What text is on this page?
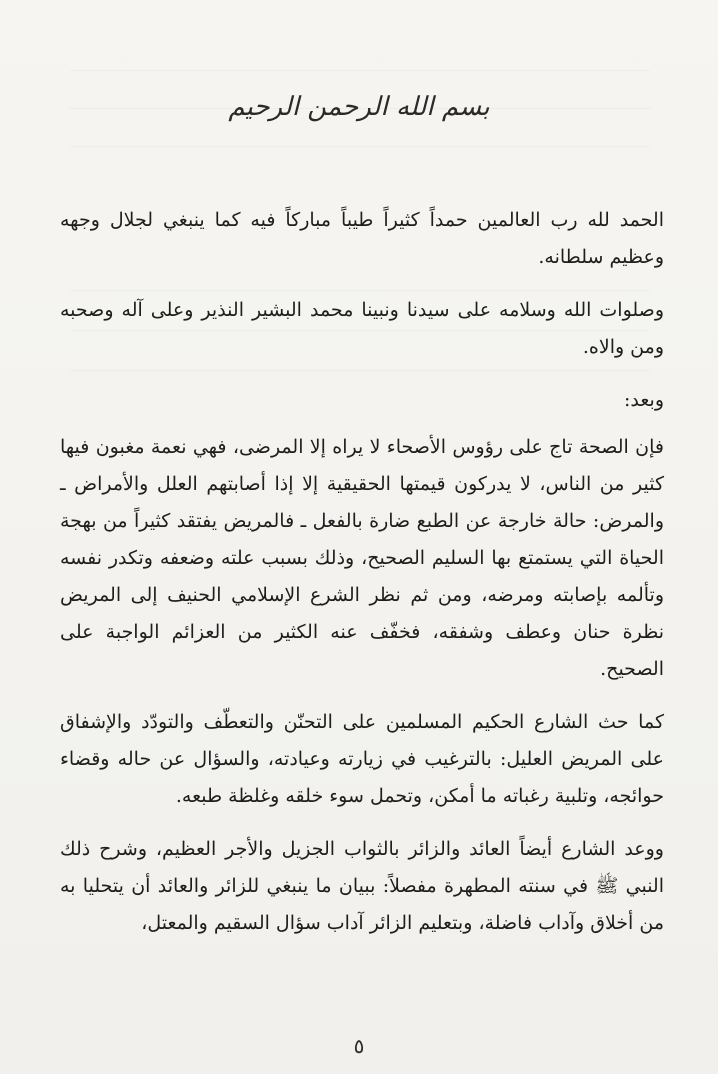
بسم الله الرحمن الرحيم

الحمد لله رب العالمين حمداً كثيراً طيباً مباركاً فيه كما ينبغي لجلال وجهه وعظيم سلطانه.

وصلوات الله وسلامه على سيدنا ونبينا محمد البشير النذير وعلى آله وصحبه ومن والاه.

وبعد:

فإن الصحة تاج على رؤوس الأصحاء لا يراه إلا المرضى، فهي نعمة مغبون فيها كثير من الناس، لا يدركون قيمتها الحقيقية إلا إذا أصابتهم العلل والأمراض ـ والمرض: حالة خارجة عن الطبع ضارة بالفعل ـ فالمريض يفتقد كثيراً من بهجة الحياة التي يستمتع بها السليم الصحيح، وذلك بسبب علته وضعفه وتكدر نفسه وتألمه بإصابته ومرضه، ومن ثم نظر الشرع الإسلامي الحنيف إلى المريض نظرة حنان وعطف وشفقه، فخفّف عنه الكثير من العزائم الواجبة على الصحيح.

كما حث الشارع الحكيم المسلمين على التحنّن والتعطّف والتودّد والإشفاق على المريض العليل: بالترغيب في زيارته وعيادته، والسؤال عن حاله وقضاء حوائجه، وتلبية رغباته ما أمكن، وتحمل سوء خلقه وغلظة طبعه.

ووعد الشارع أيضاً العائد والزائر بالثواب الجزيل والأجر العظيم، وشرح ذلك النبي ﷺ في سنته المطهرة مفصلاً: ببيان ما ينبغي للزائر والعائد أن يتحليا به من أخلاق وآداب فاضلة، وبتعليم الزائر آداب سؤال السقيم والمعتل،

٥
